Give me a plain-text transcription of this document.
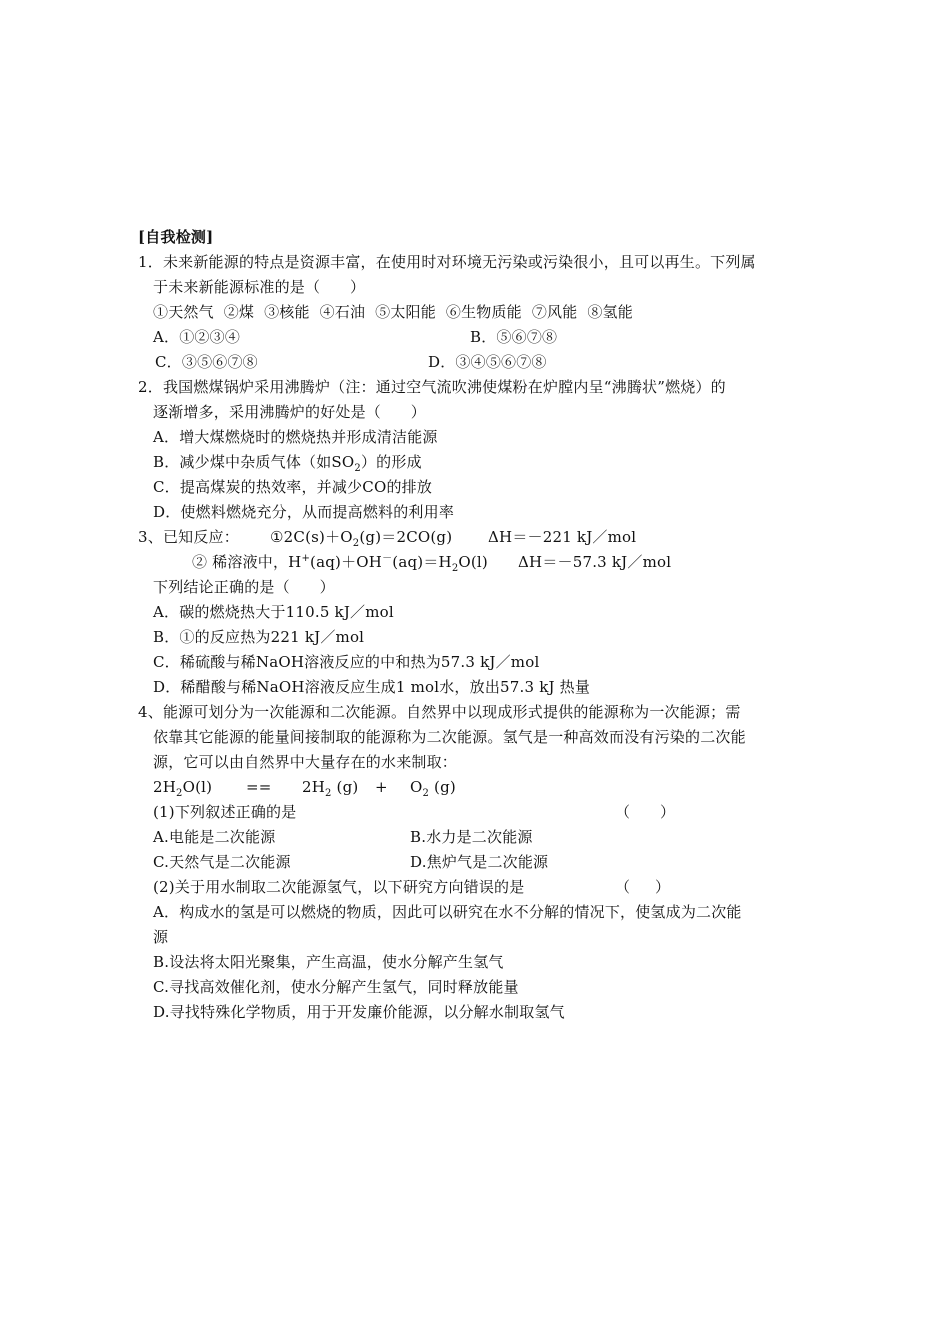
[自我检测]
1．未来新能源的特点是资源丰富，在使用时对环境无污染或污染很小，且可以再生。下列属
于未来新能源标准的是（      ）
①天然气  ②煤  ③核能  ④石油  ⑤太阳能  ⑥生物质能  ⑦风能  ⑧氢能
A．①②③④	B．⑤⑥⑦⑧
C．③⑤⑥⑦⑧	D．③④⑤⑥⑦⑧
2．我国燃煤锅炉采用沸腾炉（注：通过空气流吹沸使煤粉在炉膛内呈“沸腾状”燃烧）的
逐渐增多，采用沸腾炉的好处是（      ）
A．增大煤燃烧时的燃烧热并形成清洁能源
B．减少煤中杂质气体（如$SO_2$）的形成
C．提高煤炭的热效率，并减少CO的排放
D．使燃料燃烧充分，从而提高燃料的利用率
3、已知反应： $①2C(s)+O_2(g)=2CO(g)$ ΔH＝－221 kJ／mol
② 稀溶液中，$H^+(aq)+OH^-(aq)=H_2O(l)$ ΔH＝－57.3 kJ／mol
下列结论正确的是（      ）
A．碳的燃烧热大于110.5 kJ／mol
B．①的反应热为221 kJ／mol
C．稀硫酸与稀NaOH溶液反应的中和热为57.3 kJ／mol
D．稀醋酸与稀NaOH溶液反应生成1 mol水，放出57.3 kJ 热量
4、能源可划分为一次能源和二次能源。自然界中以现成形式提供的能源称为一次能源；需
依靠其它能源的能量间接制取的能源称为二次能源。氢气是一种高效而没有污染的二次能
源，它可以由自然界中大量存在的水来制取：
$2H_2O(l) == 2H_2$ $(g) + O_2$ (g)
(1)下列叙述正确的是	（      ）
A.电能是二次能源	B.水力是二次能源
C.天然气是二次能源	D.焦炉气是二次能源
(2)关于用水制取二次能源氢气，以下研究方向错误的是	（     ）
A．构成水的氢是可以燃烧的物质，因此可以研究在水不分解的情况下，使氢成为二次能
源
B.设法将太阳光聚集，产生高温，使水分解产生氢气
C.寻找高效催化剂，使水分解产生氢气，同时释放能量
D.寻找特殊化学物质，用于开发廉价能源，以分解水制取氢气
